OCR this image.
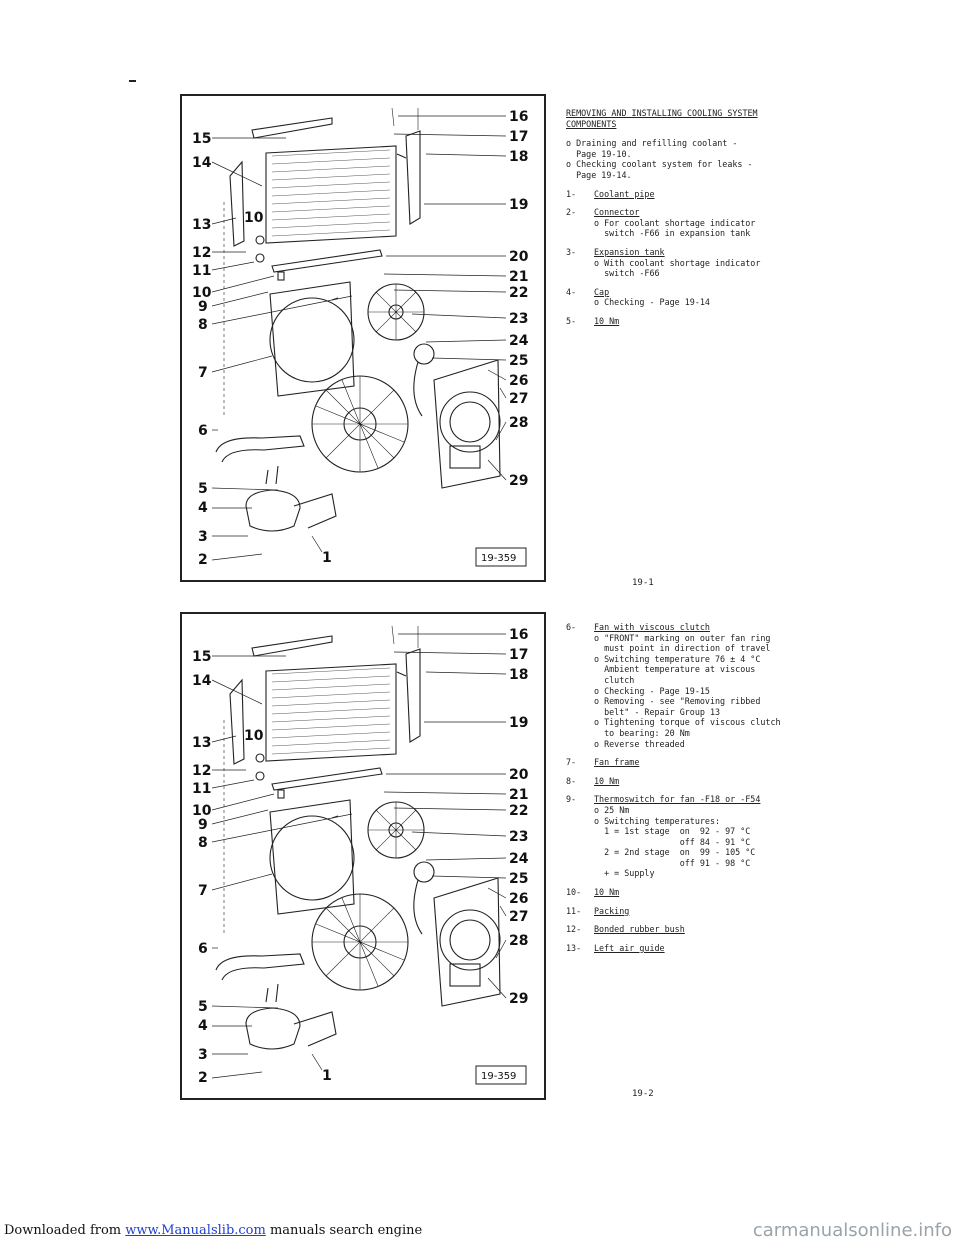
1
2
3
4
5
6
7
8
9
10
11
12
13
14
15
16
17
18
19
20
21
22
23
24
25
26
27
28
29
10
19-359
1
2
3
4
5
6
7
8
9
10
11
12
13
14
15
16
17
18
19
20
21
22
23
24
25
26
27
28
29
10
19-359
REMOVING AND INSTALLING COOLING SYSTEM
COMPONENTS
o Draining and refilling coolant -
Page 19-10.
o Checking coolant system for leaks -
Page 19-14.
1-	Coolant pipe
2-	Connector
o For coolant shortage indicator
switch -F66 in expansion tank
3-	Expansion tank
o With coolant shortage indicator
switch -F66
4-	Cap
o Checking - Page 19-14
5-	10 Nm
19-1
6-	Fan with viscous clutch
o "FRONT" marking on outer fan ring
must point in direction of travel
o Switching temperature 76 ± 4 °C
Ambient temperature at viscous
clutch
o Checking - Page 19-15
o Removing - see "Removing ribbed
belt" - Repair Group 13
o Tightening torque of viscous clutch
to bearing: 20 Nm
o Reverse threaded
7-	Fan frame
8-	10 Nm
9-	Thermoswitch for fan -F18 or -F54
o 25 Nm
o Switching temperatures:
1 = 1st stage  on  92 - 97 °C
off 84 - 91 °C
2 = 2nd stage  on  99 - 105 °C
off 91 - 98 °C
+ = Supply
10-	10 Nm
11-	Packing
12-	Bonded rubber bush
13-	Left air guide
19-2
Downloaded from www.Manualslib.com manuals search engine	carmanualsonline.info
